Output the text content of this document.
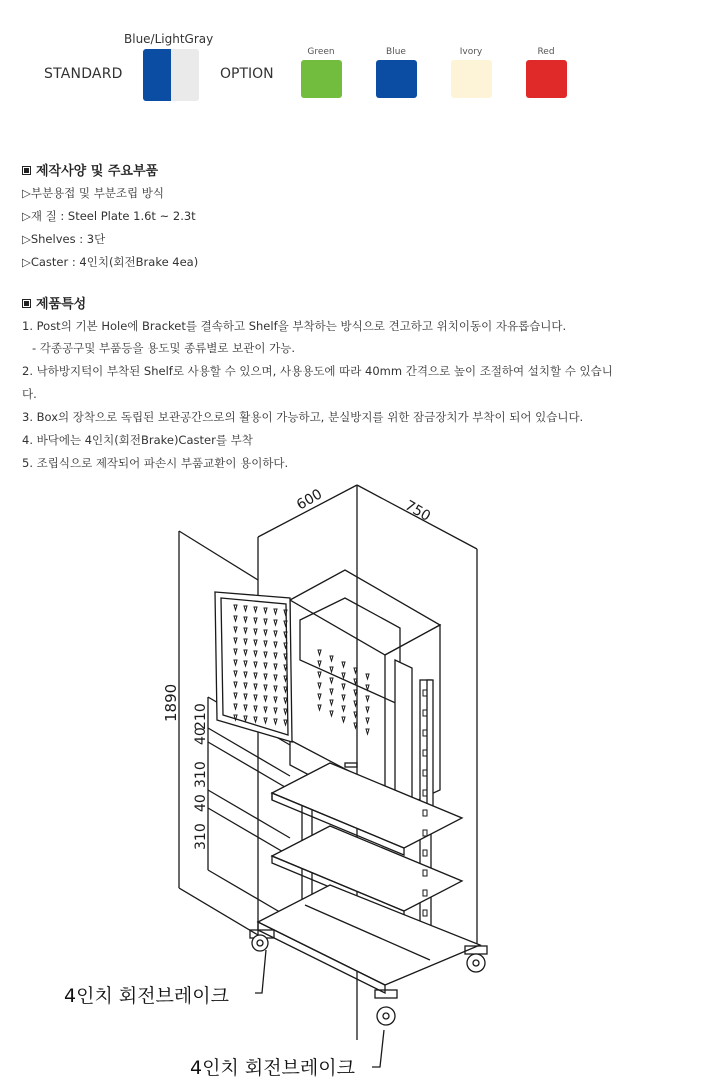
Blue/LightGray
STANDARD	OPTION
Green	Blue	Ivory	Red
제작사양 및 주요부품
▷부분용접 및 부분조립 방식
▷재 질 : Steel Plate 1.6t ~ 2.3t
▷Shelves : 3단
▷Caster : 4인치(회전Brake 4ea)
제품특성
1. Post의 기본 Hole에 Bracket를 결속하고 Shelf을 부착하는 방식으로 견고하고 위치이동이 자유롭습니다.
- 각종공구및 부품등을 용도및 종류별로 보관이 가능.
2. 낙하방지턱이 부착된 Shelf로 사용할 수 있으며, 사용용도에 따라 40mm 간격으로 높이 조절하여 설치할 수 있습니
다.
3. Box의 장착으로 독립된 보관공간으로의 활용이 가능하고, 분실방지를 위한 잠금장치가 부착이 되어 있습니다.
4. 바닥에는 4인치(회전Brake)Caster를 부착
5. 조립식으로 제작되어 파손시 부품교환이 용이하다.
600	750
1890 210
40
310
40
310
4인치 회전브레이크
4인치 회전브레이크
